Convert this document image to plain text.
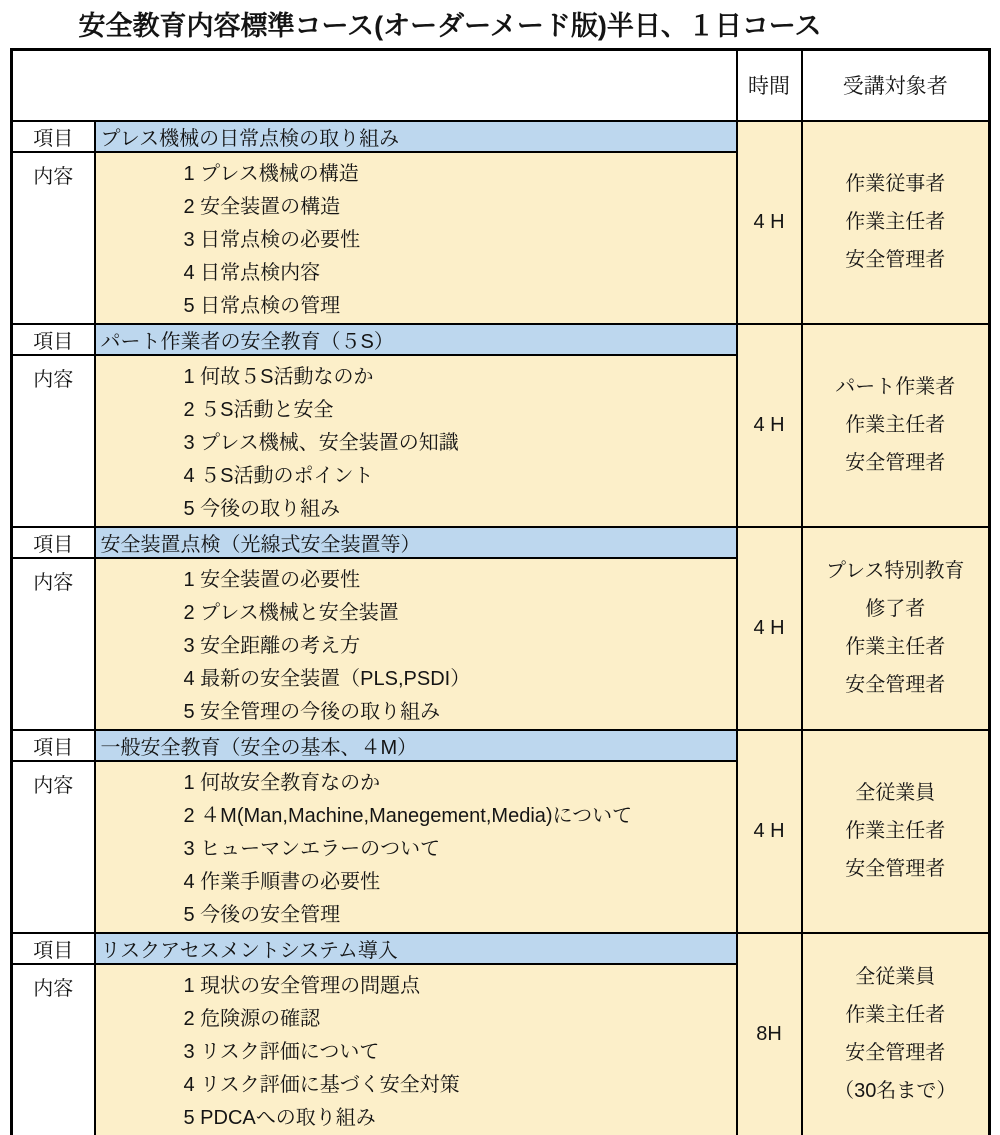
安全教育内容標準コース(オーダーメード版)半日、１日コース
		時間	受講対象者
項目	プレス機械の日常点検の取り組み	4 H	作業従事者
作業主任者
安全管理者

内容	1 プレス機械の構造
2 安全装置の構造
3 日常点検の必要性
4 日常点検内容
5 日常点検の管理		

項目	パート作業者の安全教育（５S）	4 H	パート作業者
作業主任者
安全管理者

内容	1 何故５S活動なのか
2 ５S活動と安全
3 プレス機械、安全装置の知識
4 ５S活動のポイント
5 今後の取り組み		

項目	安全装置点検（光線式安全装置等）	4 H	プレス特別教育
修了者
作業主任者
安全管理者

内容	1 安全装置の必要性
2 プレス機械と安全装置
3 安全距離の考え方
4 最新の安全装置（PLS,PSDI）
5 安全管理の今後の取り組み		

項目	一般安全教育（安全の基本、４M）	4 H	全従業員
作業主任者
安全管理者

内容	1 何故安全教育なのか
2 ４M(Man,Machine,Manegement,Media)について
3 ヒューマンエラーのついて
4 作業手順書の必要性
5 今後の安全管理		

項目	リスクアセスメントシステム導入	8H	全従業員
作業主任者
安全管理者
（30名まで）

内容	1 現状の安全管理の問題点
2 危険源の確認
3 リスク評価について
4 リスク評価に基づく安全対策
5 PDCAへの取り組み		
